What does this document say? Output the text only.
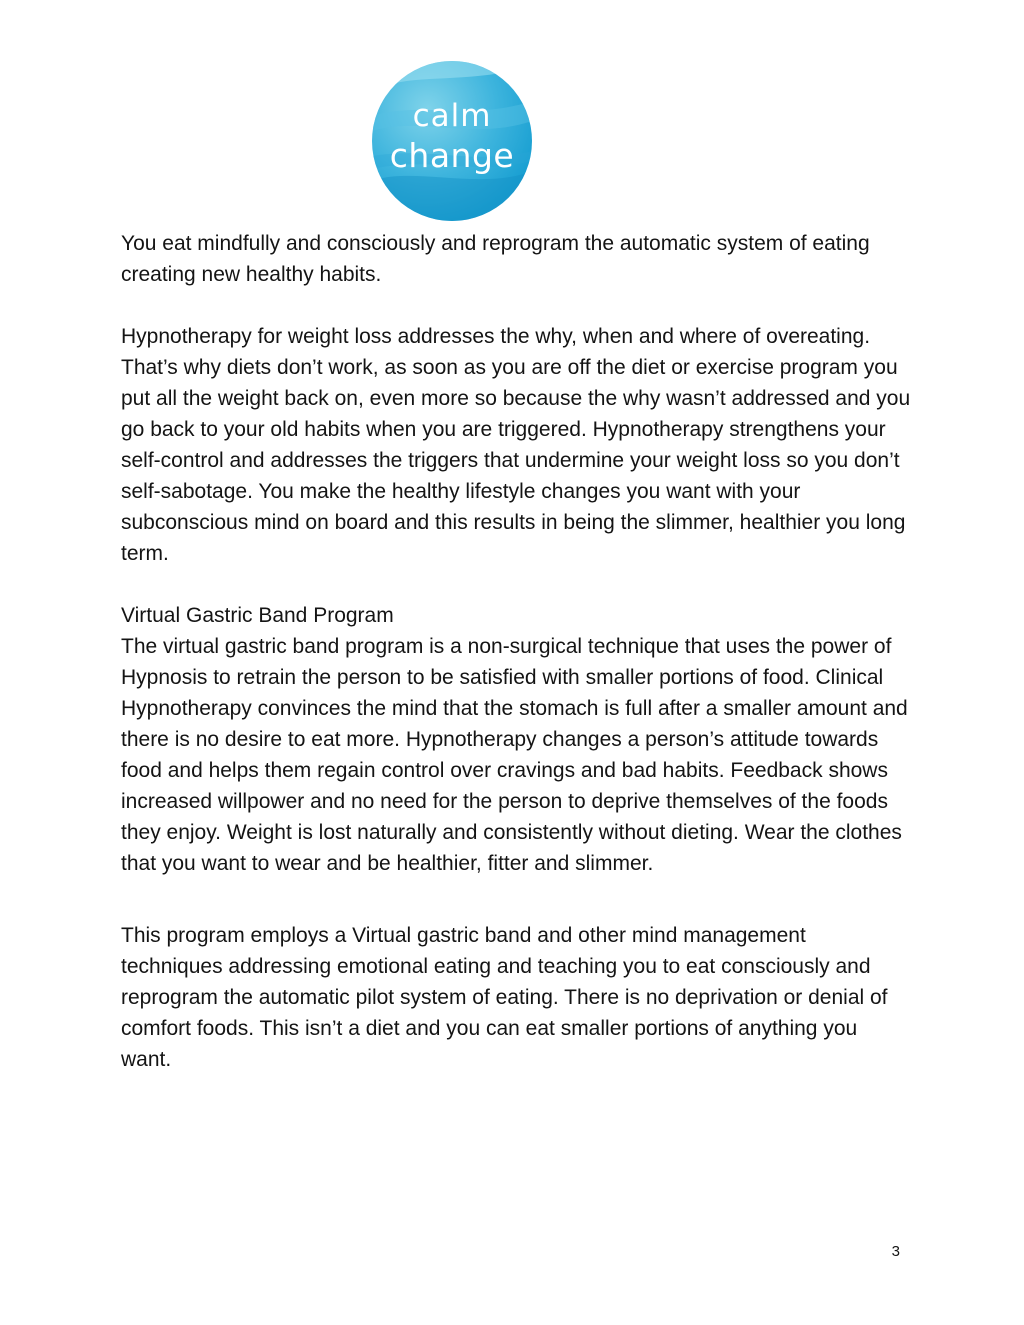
calm
change

You eat mindfully and consciously and reprogram the automatic system of eating creating new healthy habits.

Hypnotherapy for weight loss addresses the why, when and where of overeating. That’s why diets don’t work, as soon as you are off the diet or exercise program you put all the weight back on, even more so because the why wasn’t addressed and you go back to your old habits when you are triggered. Hypnotherapy strengthens your self-control and addresses the triggers that undermine your weight loss so you don’t self-sabotage. You make the healthy lifestyle changes you want with your subconscious mind on board and this results in being the slimmer, healthier you long term.

Virtual Gastric Band Program

The virtual gastric band program is a non-surgical technique that uses the power of Hypnosis to retrain the person to be satisfied with smaller portions of food. Clinical Hypnotherapy convinces the mind that the stomach is full after a smaller amount and there is no desire to eat more. Hypnotherapy changes a person’s attitude towards food and helps them regain control over cravings and bad habits. Feedback shows increased willpower and no need for the person to deprive themselves of the foods they enjoy. Weight is lost naturally and consistently without dieting. Wear the clothes that you want to wear and be healthier, fitter and slimmer.

This program employs a Virtual gastric band and other mind management techniques addressing emotional eating and teaching you to eat consciously and reprogram the automatic pilot system of eating. There is no deprivation or denial of comfort foods. This isn’t a diet and you can eat smaller portions of anything you want.

3
